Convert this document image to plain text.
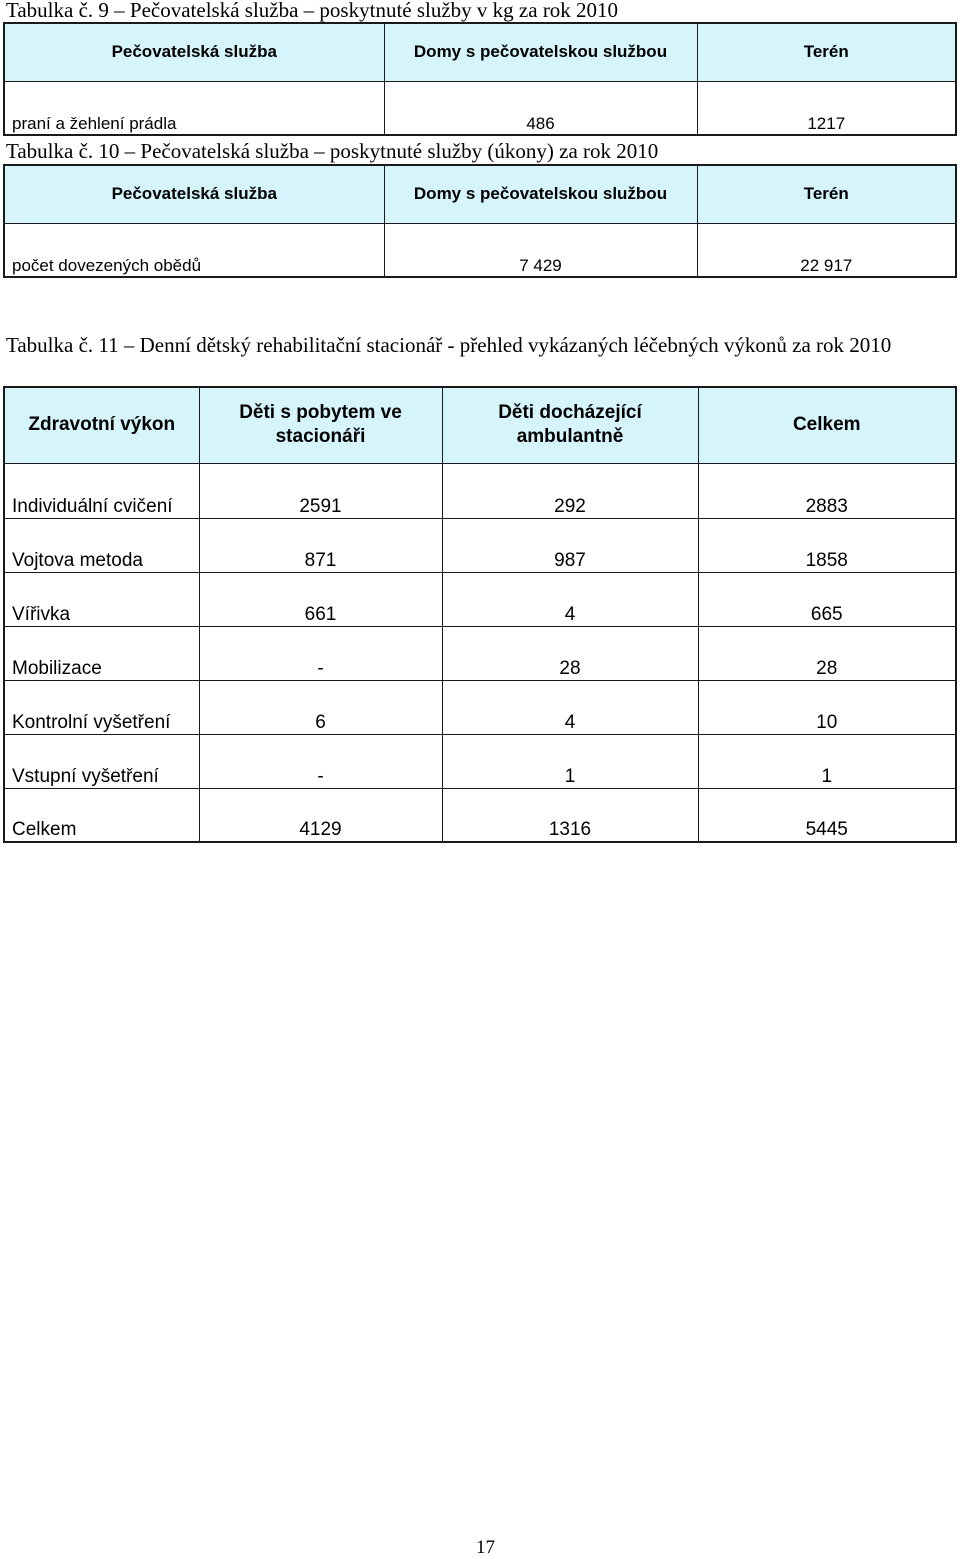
Tabulka č. 9 – Pečovatelská služba – poskytnuté služby v kg za rok 2010
Pečovatelská služba	Domy s pečovatelskou službou	Terén
praní a žehlení prádla	486	1217
Tabulka č. 10 – Pečovatelská služba – poskytnuté služby (úkony) za rok 2010
Pečovatelská služba	Domy s pečovatelskou službou	Terén
počet dovezených obědů	7 429	22 917
Tabulka č. 11 – Denní dětský rehabilitační stacionář - přehled vykázaných léčebných výkonů za rok 2010
Zdravotní výkon	Děti s pobytem ve stacionáři	Děti docházející ambulantně	Celkem
Individuální cvičení	2591	292	2883
Vojtova metoda	871	987	1858
Vířivka	661	4	665
Mobilizace	-	28	28
Kontrolní vyšetření	6	4	10
Vstupní vyšetření	-	1	1
Celkem	4129	1316	5445
17
